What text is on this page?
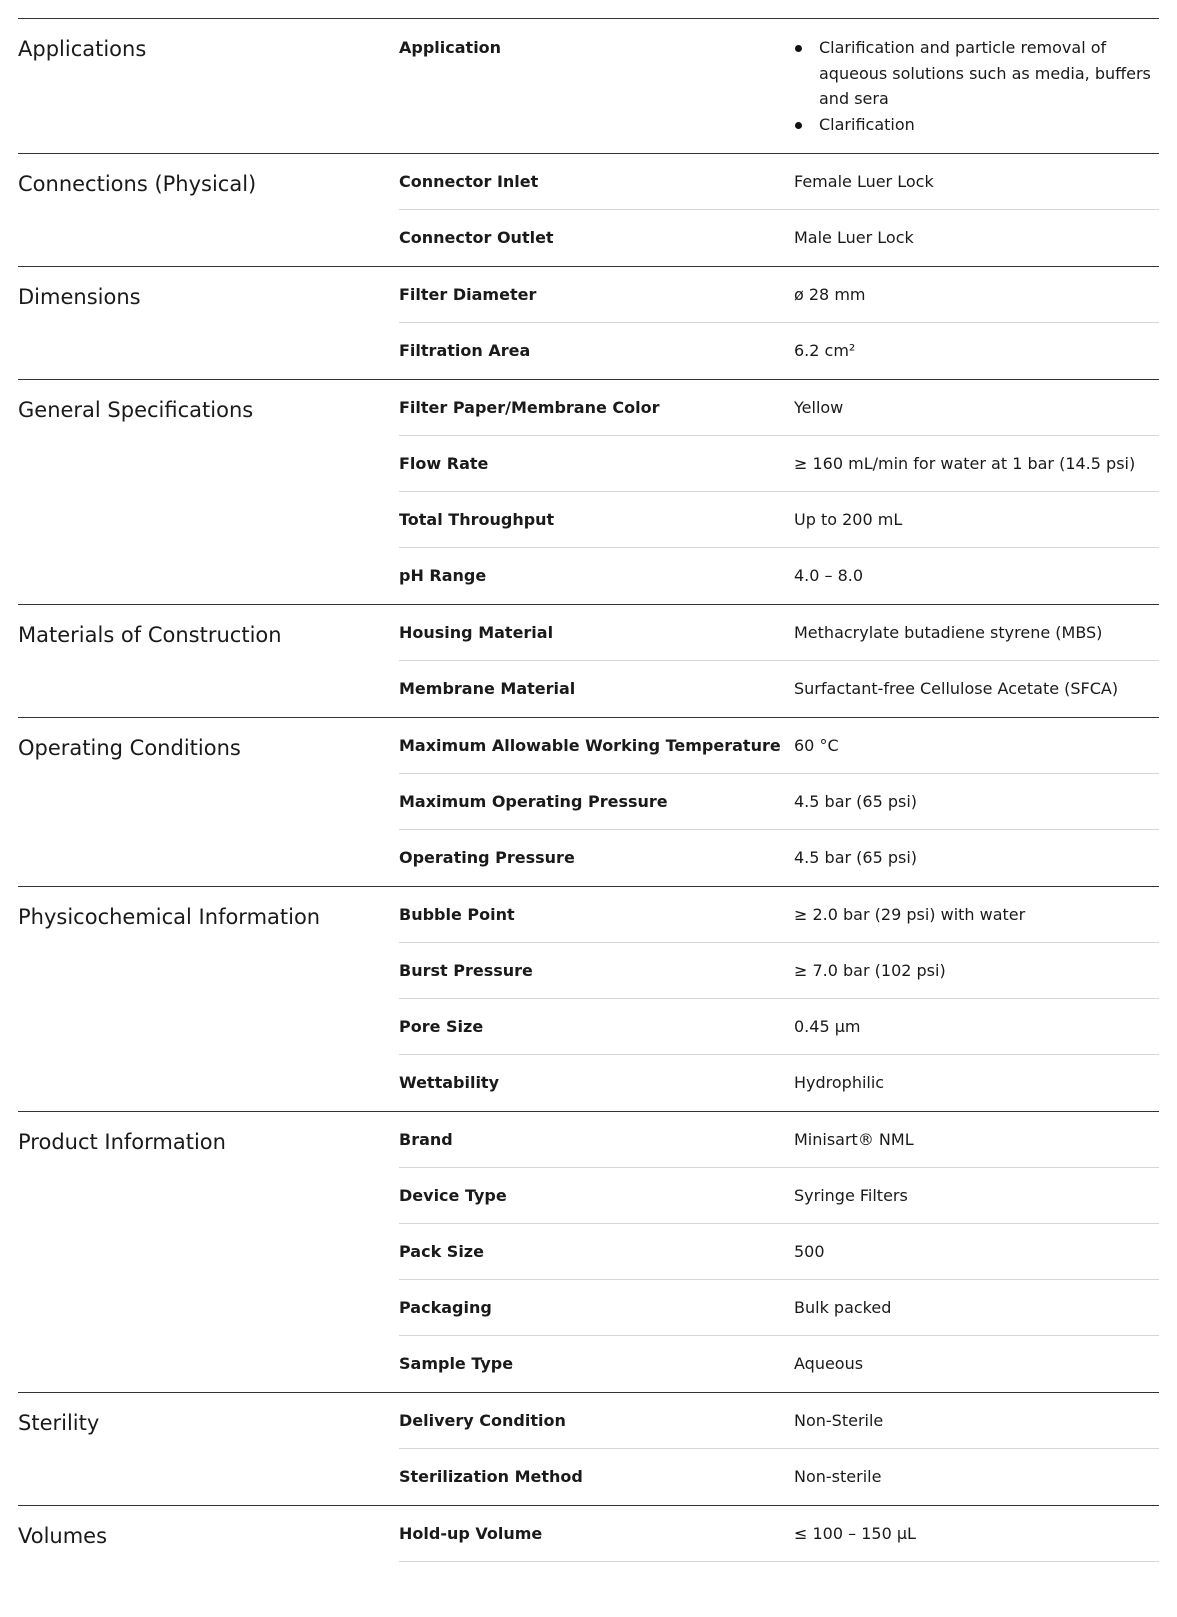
Applications	Application	Clarification and particle removal of aqueous solutions such as media, buffers and sera
Clarification
Connections (Physical)	Connector Inlet	Female Luer Lock
Connector Outlet	Male Luer Lock
Dimensions	Filter Diameter	ø 28 mm
Filtration Area	6.2 cm²
General Specifications	Filter Paper/Membrane Color	Yellow
Flow Rate	≥ 160 mL/min for water at 1 bar (14.5 psi)
Total Throughput	Up to 200 mL
pH Range	4.0 – 8.0
Materials of Construction	Housing Material	Methacrylate butadiene styrene (MBS)
Membrane Material	Surfactant-free Cellulose Acetate (SFCA)
Operating Conditions	Maximum Allowable Working Temperature 60 °C
Maximum Operating Pressure	4.5 bar (65 psi)
Operating Pressure	4.5 bar (65 psi)
Physicochemical Information	Bubble Point	≥ 2.0 bar (29 psi) with water
Burst Pressure	≥ 7.0 bar (102 psi)
Pore Size	0.45 µm
Wettability	Hydrophilic
Product Information	Brand	Minisart® NML
Device Type	Syringe Filters
Pack Size	500
Packaging	Bulk packed
Sample Type	Aqueous
Sterility	Delivery Condition	Non-Sterile
Sterilization Method	Non-sterile
Volumes	Hold-up Volume	≤ 100 – 150 µL
